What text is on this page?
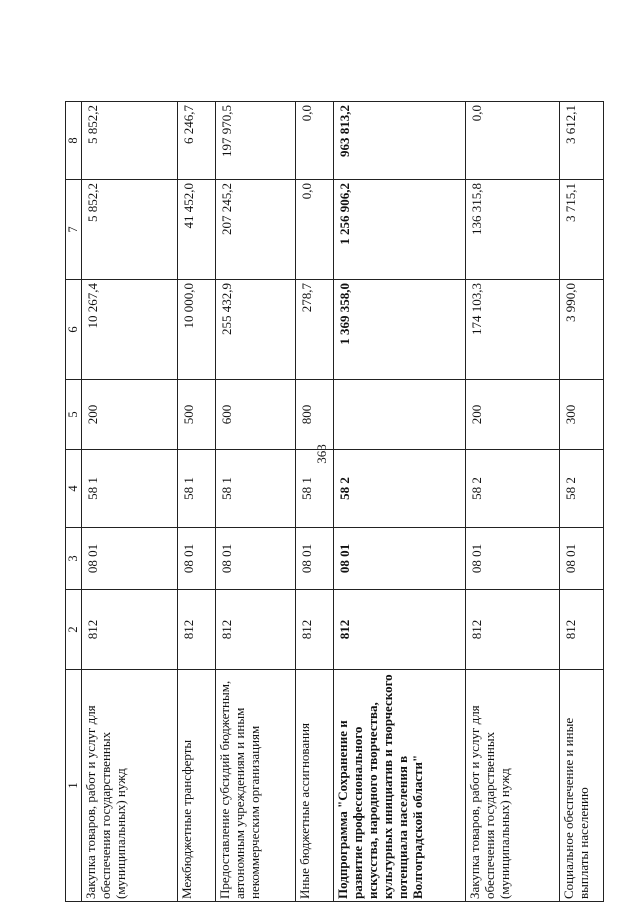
363
1	2	3	4	5	6	7	8
Закупка товаров, работ и услуг для обеспечения государственных (муниципальных) нужд	812	08 01	58 1	200	10 267,4	5 852,2	5 852,2
Межбюджетные трансферты	812	08 01	58 1	500	10 000,0	41 452,0	6 246,7
Предоставление субсидий бюджетным, автономным учреждениям и иным некоммерческим организациям	812	08 01	58 1	600	255 432,9	207 245,2	197 970,5
Иные бюджетные ассигнования	812	08 01	58 1	800	278,7	0,0	0,0
Подпрограмма "Сохранение и развитие профессионального искусства, народного творчества, культурных инициатив и творческого потенциала населения в Волгоградской области"	812	08 01	58 2		1 369 358,0	1 256 906,2	963 813,2
Закупка товаров, работ и услуг для обеспечения государственных (муниципальных) нужд	812	08 01	58 2	200	174 103,3	136 315,8	0,0
Социальное обеспечение и иные выплаты населению	812	08 01	58 2	300	3 990,0	3 715,1	3 612,1
